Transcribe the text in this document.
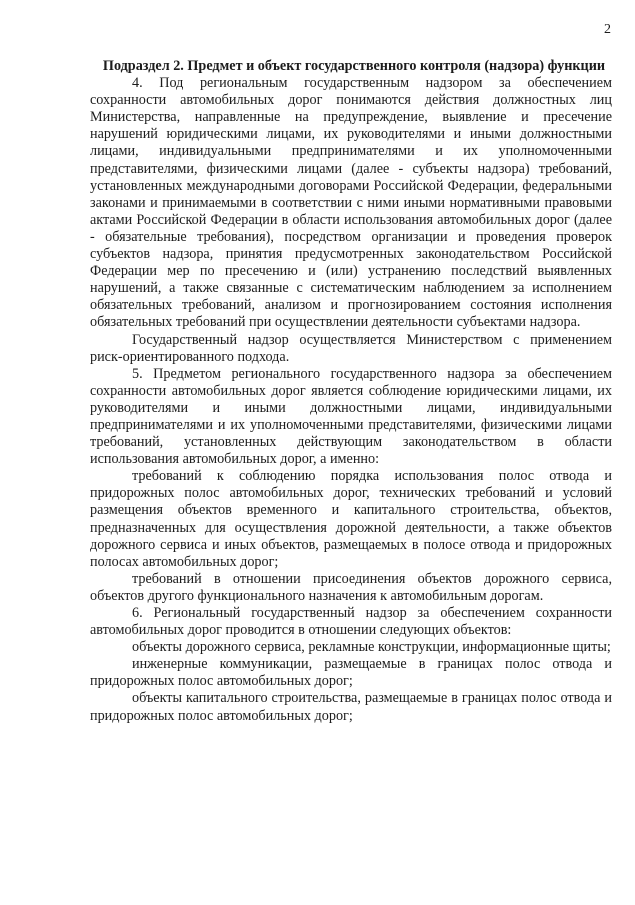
2

Подраздел 2. Предмет и объект государственного контроля (надзора) функции

4. Под региональным государственным надзором за обеспечением сохранности автомобильных дорог понимаются действия должностных лиц Министерства, направленные на предупреждение, выявление и пресечение нарушений юридическими лицами, их руководителями и иными должностными лицами, индивидуальными предпринимателями и их уполномоченными представителями, физическими лицами (далее - субъекты надзора) требований, установленных международными договорами Российской Федерации, федеральными законами и принимаемыми в соответствии с ними иными нормативными правовыми актами Российской Федерации в области использования автомобильных дорог (далее - обязательные требования), посредством организации и проведения проверок субъектов надзора, принятия предусмотренных законодательством Российской Федерации мер по пресечению и (или) устранению последствий выявленных нарушений, а также связанные с систематическим наблюдением за исполнением обязательных требований, анализом и прогнозированием состояния исполнения обязательных требований при осуществлении деятельности субъектами надзора.

Государственный надзор осуществляется Министерством с применением риск-ориентированного подхода.

5. Предметом регионального государственного надзора за обеспечением сохранности автомобильных дорог является соблюдение юридическими лицами, их руководителями и иными должностными лицами, индивидуальными предпринимателями и их уполномоченными представителями, физическими лицами требований, установленных действующим законодательством в области использования автомобильных дорог, а именно:

требований к соблюдению порядка использования полос отвода и придорожных полос автомобильных дорог, технических требований и условий размещения объектов временного и капитального строительства, объектов, предназначенных для осуществления дорожной деятельности, а также объектов дорожного сервиса и иных объектов, размещаемых в полосе отвода и придорожных полосах автомобильных дорог;

требований в отношении присоединения объектов дорожного сервиса, объектов другого функционального назначения к автомобильным дорогам.

6. Региональный государственный надзор за обеспечением сохранности автомобильных дорог проводится в отношении следующих объектов:

объекты дорожного сервиса, рекламные конструкции, информационные щиты;

инженерные коммуникации, размещаемые в границах полос отвода и придорожных полос автомобильных дорог;

объекты капитального строительства, размещаемые в границах полос отвода и придорожных полос автомобильных дорог;
